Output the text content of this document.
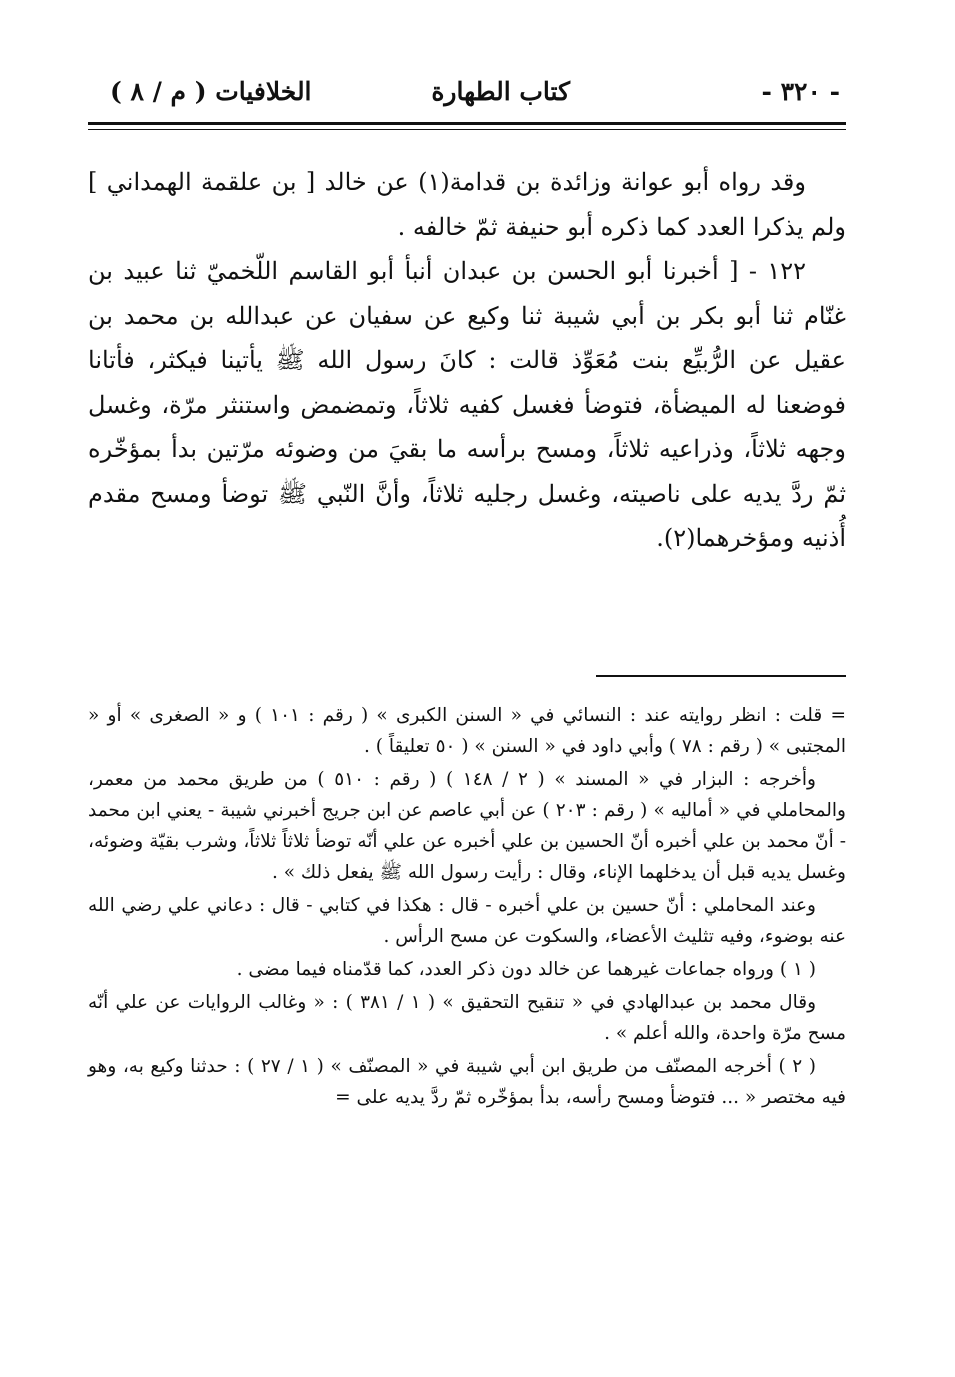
- ٣٢٠ -
كتاب الطهارة
الخلافيات ( م / ٨ )

وقد رواه أبو عوانة وزائدة بن قدامة(١) عن خالد [ بن علقمة الهمداني ] ولم يذكرا العدد كما ذكره أبو حنيفة ثمّ خالفه .

١٢٢ - [ أخبرنا أبو الحسن بن عبدان أنبأ أبو القاسم اللّخميّ ثنا عبيد بن غنّام ثنا أبو بكر بن أبي شيبة ثنا وكيع عن سفيان عن عبدالله بن محمد بن عقيل عن الرُّبيِّع بنت مُعَوِّذ قالت : كانَ رسول الله ﷺ يأتينا فيكثر، فأتانا فوضعنا له الميضأة، فتوضأ فغسل كفيه ثلاثاً، وتمضمض واستنثر مرّة، وغسل وجهه ثلاثاً، وذراعيه ثلاثاً، ومسح برأسه ما بقيَ من وضوئه مرّتين بدأ بمؤخّره ثمّ ردَّ يديه على ناصيته، وغسل رجليه ثلاثاً، وأنَّ النّبي ﷺ توضأ ومسح مقدم أُذنيه ومؤخرهما(٢).

= قلت : انظر روايته عند : النسائي في « السنن الكبرى » ( رقم : ١٠١ ) و « الصغرى » أو « المجتبى » ( رقم : ٧٨ ) وأبي داود في « السنن » ( ٥٠ تعليقاً ) .

وأخرجه : البزار في « المسند » ( ٢ / ١٤٨ ) ( رقم : ٥١٠ ) من طريق محمد من معمر، والمحاملي في « أماليه » ( رقم : ٢٠٣ ) عن أبي عاصم عن ابن جريج أخبرني شيبة - يعني ابن محمد - أنّ محمد بن علي أخبره أنّ الحسين بن علي أخبره عن علي أنّه توضأ ثلاثاً ثلاثاً، وشرب بقيّة وضوئه، وغسل يديه قبل أن يدخلهما الإناء، وقال : رأيت رسول الله ﷺ يفعل ذلك » .

وعند المحاملي : أنّ حسين بن علي أخبره - قال : هكذا في كتابي - قال : دعاني علي رضي الله عنه بوضوء، وفيه تثليث الأعضاء، والسكوت عن مسح الرأس .

( ١ ) ورواه جماعات غيرهما عن خالد دون ذكر العدد، كما قدّمناه فيما مضى .

وقال محمد بن عبدالهادي في « تنقيح التحقيق » ( ١ / ٣٨١ ) : « وغالب الروايات عن علي أنّه مسح مرّة واحدة، والله أعلم » .

( ٢ ) أخرجه المصنّف من طريق ابن أبي شيبة في « المصنّف » ( ١ / ٢٧ ) : حدثنا وكيع به، وهو فيه مختصر « ... فتوضأ ومسح رأسه، بدأ بمؤخّره ثمّ ردَّ يديه على =
